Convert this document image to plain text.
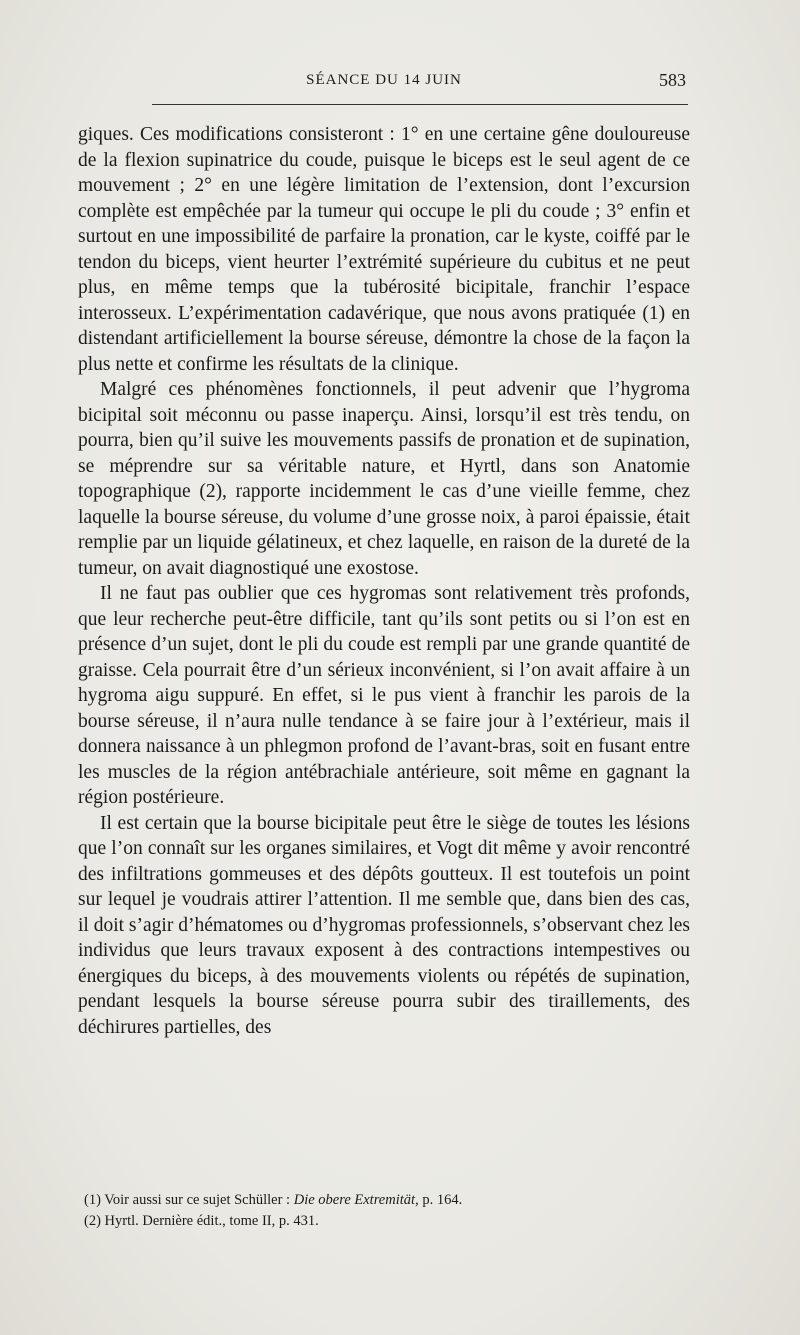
SÉANCE DU 14 JUIN	583

giques. Ces modifications consisteront : 1° en une certaine gêne douloureuse de la flexion supinatrice du coude, puisque le biceps est le seul agent de ce mouvement ; 2° en une légère limitation de l’extension, dont l’excursion complète est empêchée par la tumeur qui occupe le pli du coude ; 3° enfin et surtout en une impossibilité de parfaire la pronation, car le kyste, coiffé par le tendon du biceps, vient heurter l’extrémité supérieure du cubitus et ne peut plus, en même temps que la tubérosité bicipitale, franchir l’espace interosseux. L’expérimentation cadavérique, que nous avons pratiquée (1) en distendant artificiellement la bourse séreuse, démontre la chose de la façon la plus nette et confirme les résultats de la clinique.

Malgré ces phénomènes fonctionnels, il peut advenir que l’hygroma bicipital soit méconnu ou passe inaperçu. Ainsi, lorsqu’il est très tendu, on pourra, bien qu’il suive les mouvements passifs de pronation et de supination, se méprendre sur sa véritable nature, et Hyrtl, dans son Anatomie topographique (2), rapporte incidemment le cas d’une vieille femme, chez laquelle la bourse séreuse, du volume d’une grosse noix, à paroi épaissie, était remplie par un liquide gélatineux, et chez laquelle, en raison de la dureté de la tumeur, on avait diagnostiqué une exostose.

Il ne faut pas oublier que ces hygromas sont relativement très profonds, que leur recherche peut-être difficile, tant qu’ils sont petits ou si l’on est en présence d’un sujet, dont le pli du coude est rempli par une grande quantité de graisse. Cela pourrait être d’un sérieux inconvénient, si l’on avait affaire à un hygroma aigu suppuré. En effet, si le pus vient à franchir les parois de la bourse séreuse, il n’aura nulle tendance à se faire jour à l’extérieur, mais il donnera naissance à un phlegmon profond de l’avant-bras, soit en fusant entre les muscles de la région antébrachiale antérieure, soit même en gagnant la région postérieure.

Il est certain que la bourse bicipitale peut être le siège de toutes les lésions que l’on connaît sur les organes similaires, et Vogt dit même y avoir rencontré des infiltrations gommeuses et des dépôts goutteux. Il est toutefois un point sur lequel je voudrais attirer l’attention. Il me semble que, dans bien des cas, il doit s’agir d’hématomes ou d’hygromas professionnels, s’observant chez les individus que leurs travaux exposent à des contractions intempestives ou énergiques du biceps, à des mouvements violents ou répétés de supination, pendant lesquels la bourse séreuse pourra subir des tiraillements, des déchirures partielles, des

(1) Voir aussi sur ce sujet Schüller : Die obere Extremität, p. 164.

(2) Hyrtl. Dernière édit., tome II, p. 431.
